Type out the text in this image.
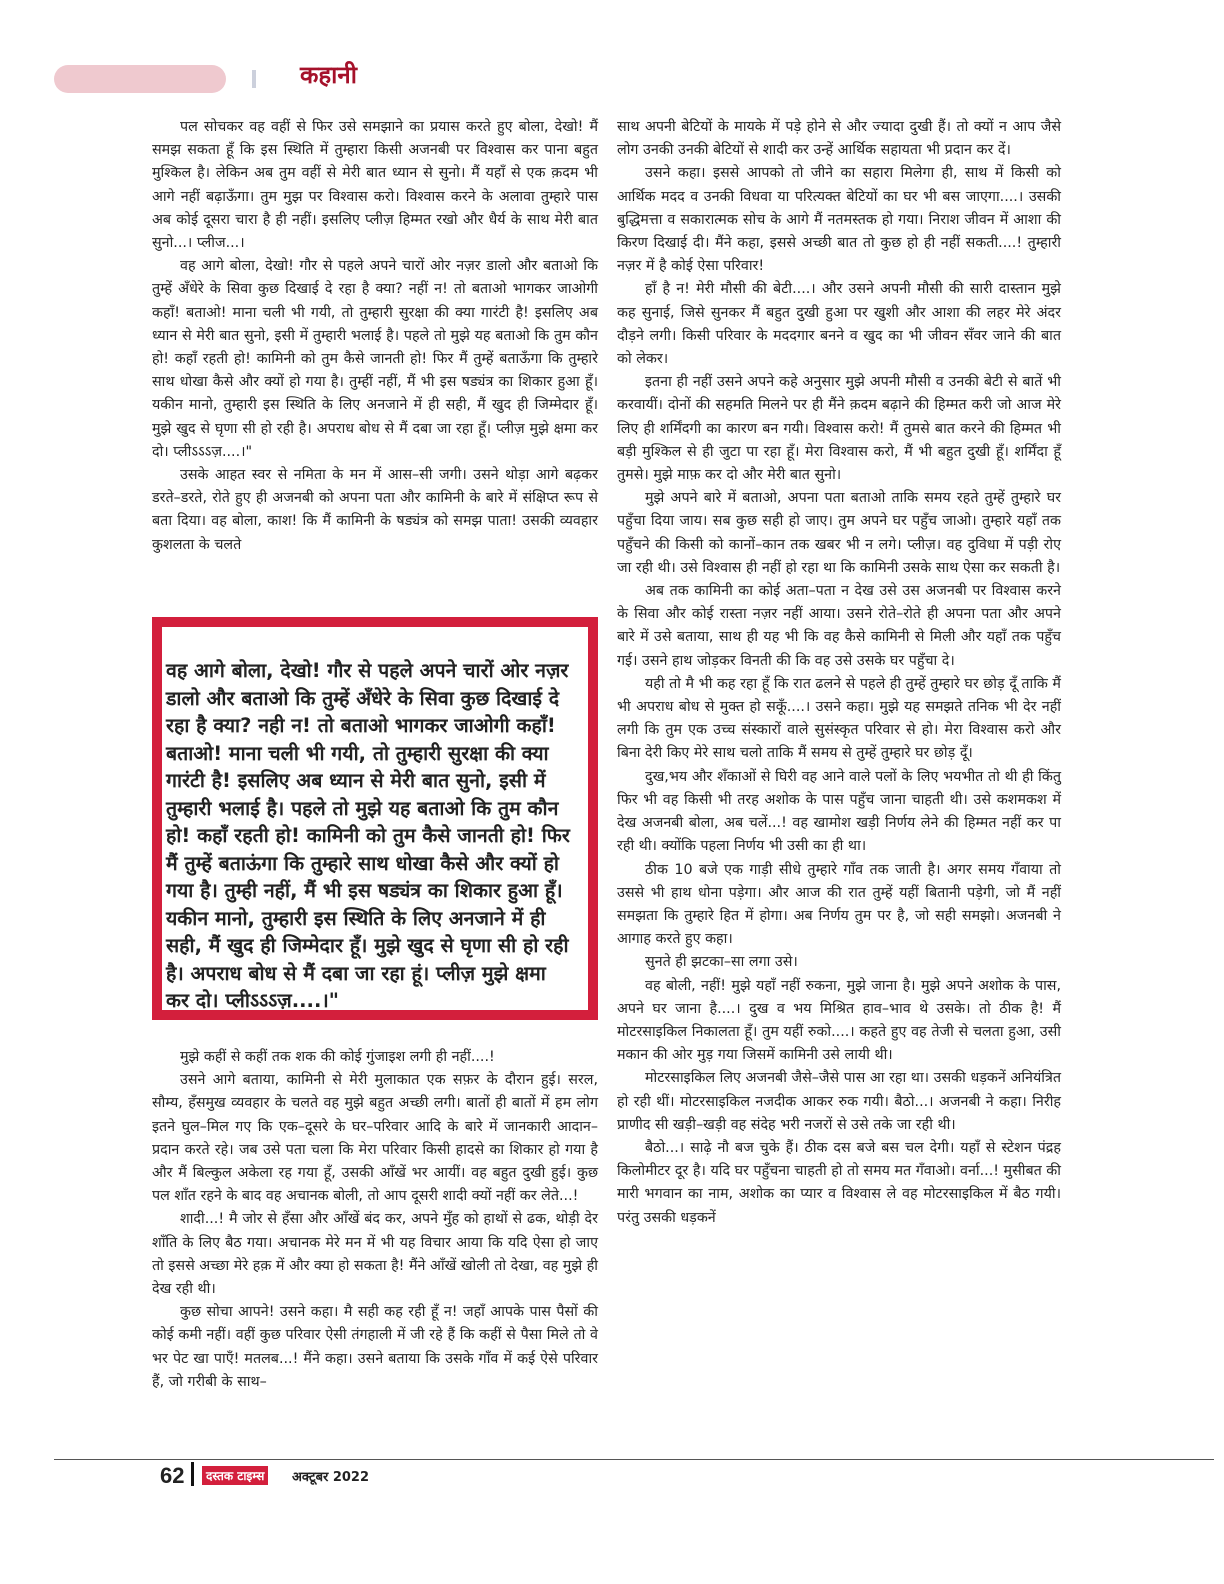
कहानी

पल सोचकर वह वहीं से फिर उसे समझाने का प्रयास करते हुए बोला, देखो! मैं समझ सकता हूँ कि इस स्थिति में तुम्हारा किसी अजनबी पर विश्वास कर पाना बहुत मुश्किल है। लेकिन अब तुम वहीं से मेरी बात ध्यान से सुनो। मैं यहाँ से एक क़दम भी आगे नहीं बढ़ाऊँगा। तुम मुझ पर विश्वास करो। विश्वास करने के अलावा तुम्हारे पास अब कोई दूसरा चारा है ही नहीं। इसलिए प्लीज़ हिम्मत रखो और धैर्य के साथ मेरी बात सुनो...। प्लीज...।

वह आगे बोला, देखो! गौर से पहले अपने चारों ओर नज़र डालो और बताओ कि तुम्हें अँधेरे के सिवा कुछ दिखाई दे रहा है क्या? नहीं न! तो बताओ भागकर जाओगी कहाँ! बताओ! माना चली भी गयी, तो तुम्हारी सुरक्षा की क्या गारंटी है! इसलिए अब ध्यान से मेरी बात सुनो, इसी में तुम्हारी भलाई है। पहले तो मुझे यह बताओ कि तुम कौन हो! कहाँ रहती हो! कामिनी को तुम कैसे जानती हो! फिर मैं तुम्हें बताऊँगा कि तुम्हारे साथ धोखा कैसे और क्यों हो गया है। तुम्हीं नहीं, मैं भी इस षड्यंत्र का शिकार हुआ हूँ। यकीन मानो, तुम्हारी इस स्थिति के लिए अनजाने में ही सही, मैं खुद ही जिम्मेदार हूँ। मुझे खुद से घृणा सी हो रही है। अपराध बोध से मैं दबा जा रहा हूँ। प्लीज़ मुझे क्षमा कर दो। प्लीऽऽऽज़....।"

उसके आहत स्वर से नमिता के मन में आस–सी जगी। उसने थोड़ा आगे बढ़कर डरते–डरते, रोते हुए ही अजनबी को अपना पता और कामिनी के बारे में संक्षिप्त रूप से बता दिया। वह बोला, काश! कि मैं कामिनी के षड्यंत्र को समझ पाता! उसकी व्यवहार कुशलता के चलते

वह आगे बोला, देखो! गौर से पहले अपने चारों ओर नज़र डालो और बताओ कि तुम्हें अँधेरे के सिवा कुछ दिखाई दे रहा है क्या? नही न! तो बताओ भागकर जाओगी कहाँ! बताओ! माना चली भी गयी, तो तुम्हारी सुरक्षा की क्या गारंटी है! इसलिए अब ध्यान से मेरी बात सुनो, इसी में तुम्हारी भलाई है। पहले तो मुझे यह बताओ कि तुम कौन हो! कहाँ रहती हो! कामिनी को तुम कैसे जानती हो! फिर मैं तुम्हें बताऊंगा कि तुम्हारे साथ धोखा कैसे और क्यों हो गया है। तुम्ही नहीं, मैं भी इस षड्यंत्र का शिकार हुआ हूँ। यकीन मानो, तुम्हारी इस स्थिति के लिए अनजाने में ही सही, मैं खुद ही जिम्मेदार हूँ। मुझे खुद से घृणा सी हो रही है। अपराध बोध से मैं दबा जा रहा हूं। प्लीज़ मुझे क्षमा कर दो। प्लीऽऽऽज़....।"

मुझे कहीं से कहीं तक शक की कोई गुंजाइश लगी ही नहीं....!

उसने आगे बताया, कामिनी से मेरी मुलाकात एक सफ़र के दौरान हुई। सरल, सौम्य, हँसमुख व्यवहार के चलते वह मुझे बहुत अच्छी लगी। बातों ही बातों में हम लोग इतने घुल–मिल गए कि एक–दूसरे के घर–परिवार आदि के बारे में जानकारी आदान–प्रदान करते रहे। जब उसे पता चला कि मेरा परिवार किसी हादसे का शिकार हो गया है और मैं बिल्कुल अकेला रह गया हूँ, उसकी आँखें भर आयीं। वह बहुत दुखी हुई। कुछ पल शाँत रहने के बाद वह अचानक बोली, तो आप दूसरी शादी क्यों नहीं कर लेते...!

शादी...! मै जोर से हँसा और आँखें बंद कर, अपने मुँह को हाथों से ढक, थोड़ी देर शाँति के लिए बैठ गया। अचानक मेरे मन में भी यह विचार आया कि यदि ऐसा हो जाए तो इससे अच्छा मेरे हक़ में और क्या हो सकता है! मैंने आँखें खोली तो देखा, वह मुझे ही देख रही थी।

कुछ सोचा आपने! उसने कहा। मै सही कह रही हूँ न! जहाँ आपके पास पैसों की कोई कमी नहीं। वहीं कुछ परिवार ऐसी तंगहाली में जी रहे हैं कि कहीं से पैसा मिले तो वे भर पेट खा पाएँ! मतलब...! मैंने कहा। उसने बताया कि उसके गाँव में कई ऐसे परिवार हैं, जो गरीबी के साथ–

साथ अपनी बेटियों के मायके में पड़े होने से और ज्यादा दुखी हैं। तो क्यों न आप जैसे लोग उनकी उनकी बेटियों से शादी कर उन्हें आर्थिक सहायता भी प्रदान कर दें।

उसने कहा। इससे आपको तो जीने का सहारा मिलेगा ही, साथ में किसी को आर्थिक मदद व उनकी विधवा या परित्यक्त बेटियों का घर भी बस जाएगा....। उसकी बुद्धिमत्ता व सकारात्मक सोच के आगे मैं नतमस्तक हो गया। निराश जीवन में आशा की किरण दिखाई दी। मैंने कहा, इससे अच्छी बात तो कुछ हो ही नहीं सकती....! तुम्हारी नज़र में है कोई ऐसा परिवार!

हाँ है न! मेरी मौसी की बेटी....। और उसने अपनी मौसी की सारी दास्तान मुझे कह सुनाई, जिसे सुनकर मैं बहुत दुखी हुआ पर खुशी और आशा की लहर मेरे अंदर दौड़ने लगी। किसी परिवार के मददगार बनने व खुद का भी जीवन सँवर जाने की बात को लेकर।

इतना ही नहीं उसने अपने कहे अनुसार मुझे अपनी मौसी व उनकी बेटी से बातें भी करवायीं। दोनों की सहमति मिलने पर ही मैंने क़दम बढ़ाने की हिम्मत करी जो आज मेरे लिए ही शर्मिंदगी का कारण बन गयी। विश्वास करो! मैं तुमसे बात करने की हिम्मत भी बड़ी मुश्किल से ही जुटा पा रहा हूँ। मेरा विश्वास करो, मैं भी बहुत दुखी हूँ। शर्मिंदा हूँ तुमसे। मुझे माफ़ कर दो और मेरी बात सुनो।

मुझे अपने बारे में बताओ, अपना पता बताओ ताकि समय रहते तुम्हें तुम्हारे घर पहुँचा दिया जाय। सब कुछ सही हो जाए। तुम अपने घर पहुँच जाओ। तुम्हारे यहाँ तक पहुँचने की किसी को कानों–कान तक खबर भी न लगे। प्लीज़। वह दुविधा में पड़ी रोए जा रही थी। उसे विश्वास ही नहीं हो रहा था कि कामिनी उसके साथ ऐसा कर सकती है।

अब तक कामिनी का कोई अता–पता न देख उसे उस अजनबी पर विश्वास करने के सिवा और कोई रास्ता नज़र नहीं आया। उसने रोते–रोते ही अपना पता और अपने बारे में उसे बताया, साथ ही यह भी कि वह कैसे कामिनी से मिली और यहाँ तक पहुँच गई। उसने हाथ जोड़कर विनती की कि वह उसे उसके घर पहुँचा दे।

यही तो मै भी कह रहा हूँ कि रात ढलने से पहले ही तुम्हें तुम्हारे घर छोड़ दूँ ताकि मैं भी अपराध बोध से मुक्त हो सकूँ....। उसने कहा। मुझे यह समझते तनिक भी देर नहीं लगी कि तुम एक उच्च संस्कारों वाले सुसंस्कृत परिवार से हो। मेरा विश्वास करो और बिना देरी किए मेरे साथ चलो ताकि मैं समय से तुम्हें तुम्हारे घर छोड़ दूँ।

दुख,भय और शँकाओं से घिरी वह आने वाले पलों के लिए भयभीत तो थी ही किंतु फिर भी वह किसी भी तरह अशोक के पास पहुँच जाना चाहती थी। उसे कशमकश में देख अजनबी बोला, अब चलें...! वह खामोश खड़ी निर्णय लेने की हिम्मत नहीं कर पा रही थी। क्योंकि पहला निर्णय भी उसी का ही था।

ठीक 10 बजे एक गाड़ी सीधे तुम्हारे गाँव तक जाती है। अगर समय गँवाया तो उससे भी हाथ धोना पड़ेगा। और आज की रात तुम्हें यहीं बितानी पड़ेगी, जो मैं नहीं समझता कि तुम्हारे हित में होगा। अब निर्णय तुम पर है, जो सही समझो। अजनबी ने आगाह करते हुए कहा।

सुनते ही झटका–सा लगा उसे।

वह बोली, नहीं! मुझे यहाँ नहीं रुकना, मुझे जाना है। मुझे अपने अशोक के पास, अपने घर जाना है....। दुख व भय मिश्रित हाव–भाव थे उसके। तो ठीक है! मैं मोटरसाइकिल निकालता हूँ। तुम यहीं रुको....। कहते हुए वह तेजी से चलता हुआ, उसी मकान की ओर मुड़ गया जिसमें कामिनी उसे लायी थी।

मोटरसाइकिल लिए अजनबी जैसे–जैसे पास आ रहा था। उसकी धड़कनें अनियंत्रित हो रही थीं। मोटरसाइकिल नजदीक आकर रुक गयी। बैठो...। अजनबी ने कहा। निरीह प्राणीद सी खड़ी–खड़ी वह संदेह भरी नजरों से उसे तके जा रही थी।

बैठो...। साढ़े नौ बज चुके हैं। ठीक दस बजे बस चल देगी। यहाँ से स्टेशन पंद्रह किलोमीटर दूर है। यदि घर पहुँचना चाहती हो तो समय मत गँवाओ। वर्ना...! मुसीबत की मारी भगवान का नाम, अशोक का प्यार व विश्वास ले वह मोटरसाइकिल में बैठ गयी। परंतु उसकी धड़कनें

62	दस्तक टाइम्स	अक्टूबर 2022
